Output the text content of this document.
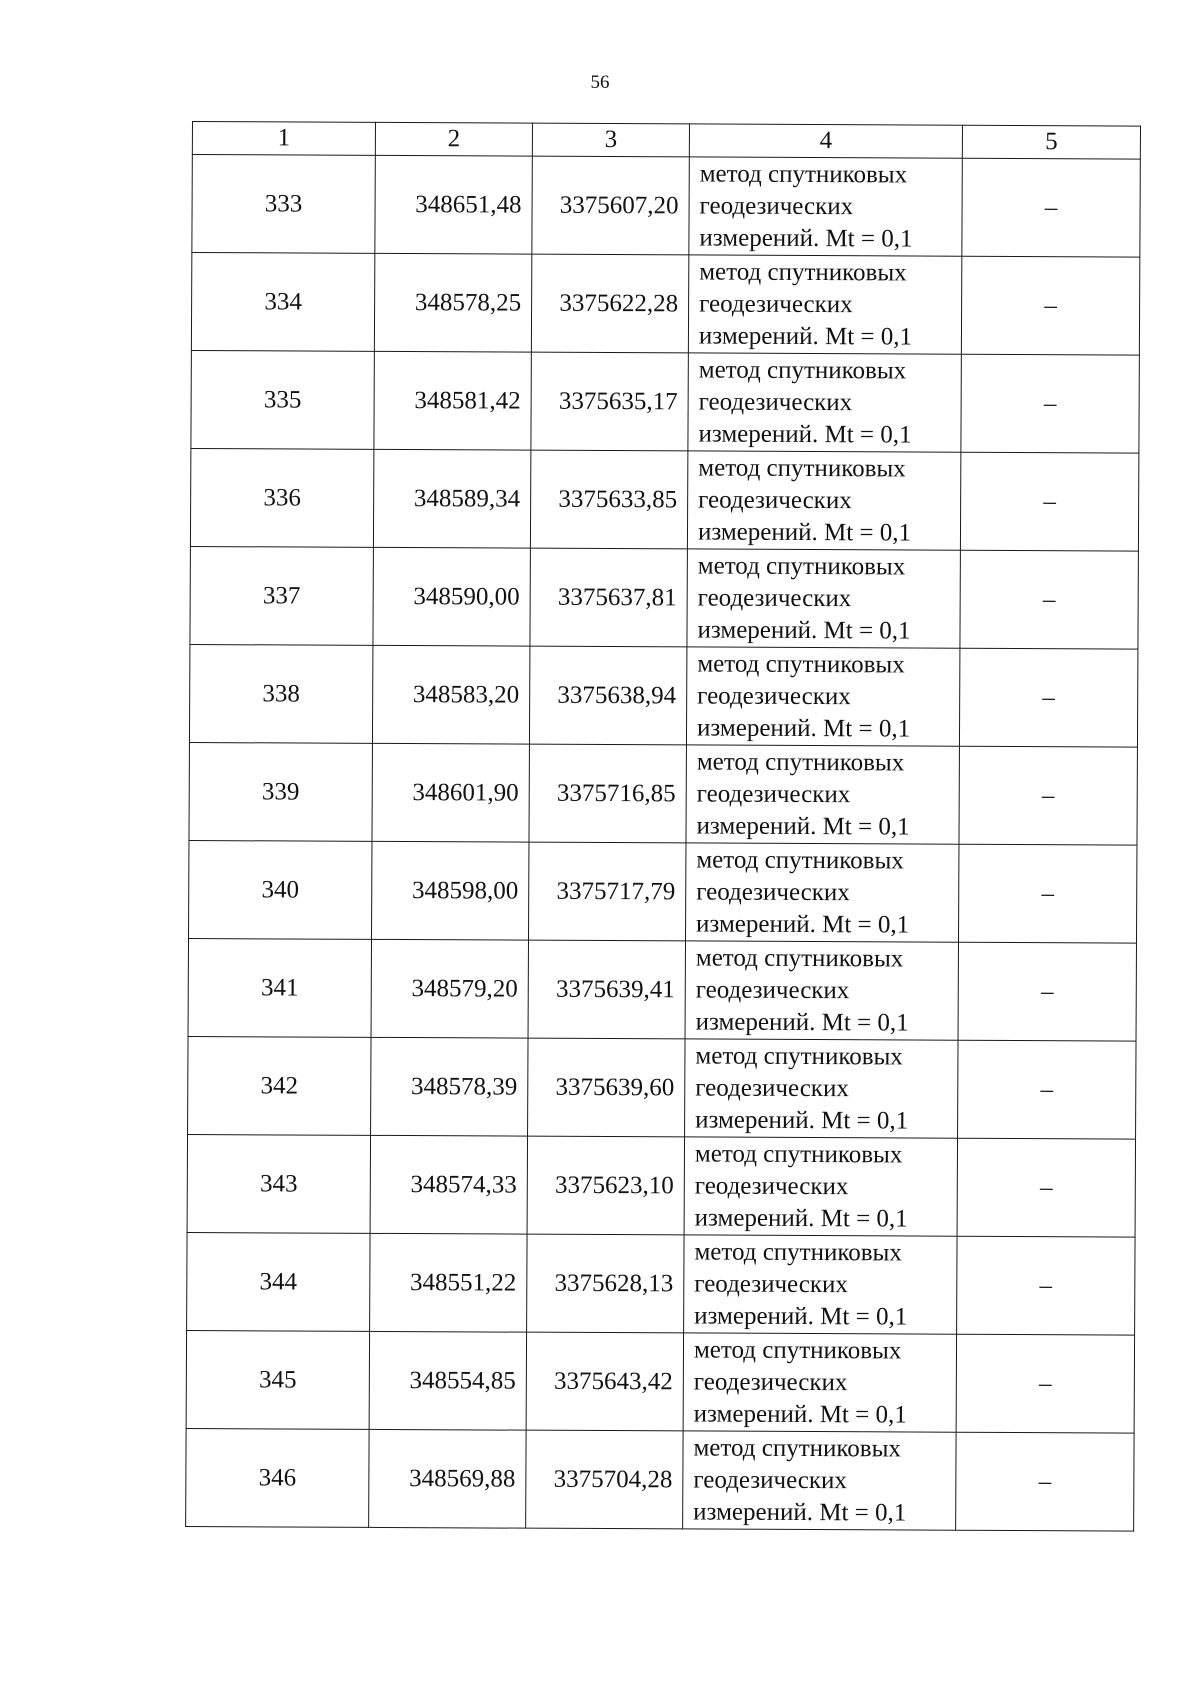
56
1	2	3	4	5
333	348651,48	3375607,20	метод спутниковых
геодезических
измерений. Mt = 0,1	–
334	348578,25	3375622,28	метод спутниковых
геодезических
измерений. Mt = 0,1	–
335	348581,42	3375635,17	метод спутниковых
геодезических
измерений. Mt = 0,1	–
336	348589,34	3375633,85	метод спутниковых
геодезических
измерений. Mt = 0,1	–
337	348590,00	3375637,81	метод спутниковых
геодезических
измерений. Mt = 0,1	–
338	348583,20	3375638,94	метод спутниковых
геодезических
измерений. Mt = 0,1	–
339	348601,90	3375716,85	метод спутниковых
геодезических
измерений. Mt = 0,1	–
340	348598,00	3375717,79	метод спутниковых
геодезических
измерений. Mt = 0,1	–
341	348579,20	3375639,41	метод спутниковых
геодезических
измерений. Mt = 0,1	–
342	348578,39	3375639,60	метод спутниковых
геодезических
измерений. Mt = 0,1	–
343	348574,33	3375623,10	метод спутниковых
геодезических
измерений. Mt = 0,1	–
344	348551,22	3375628,13	метод спутниковых
геодезических
измерений. Mt = 0,1	–
345	348554,85	3375643,42	метод спутниковых
геодезических
измерений. Mt = 0,1	–
346	348569,88	3375704,28	метод спутниковых
геодезических
измерений. Mt = 0,1	–
